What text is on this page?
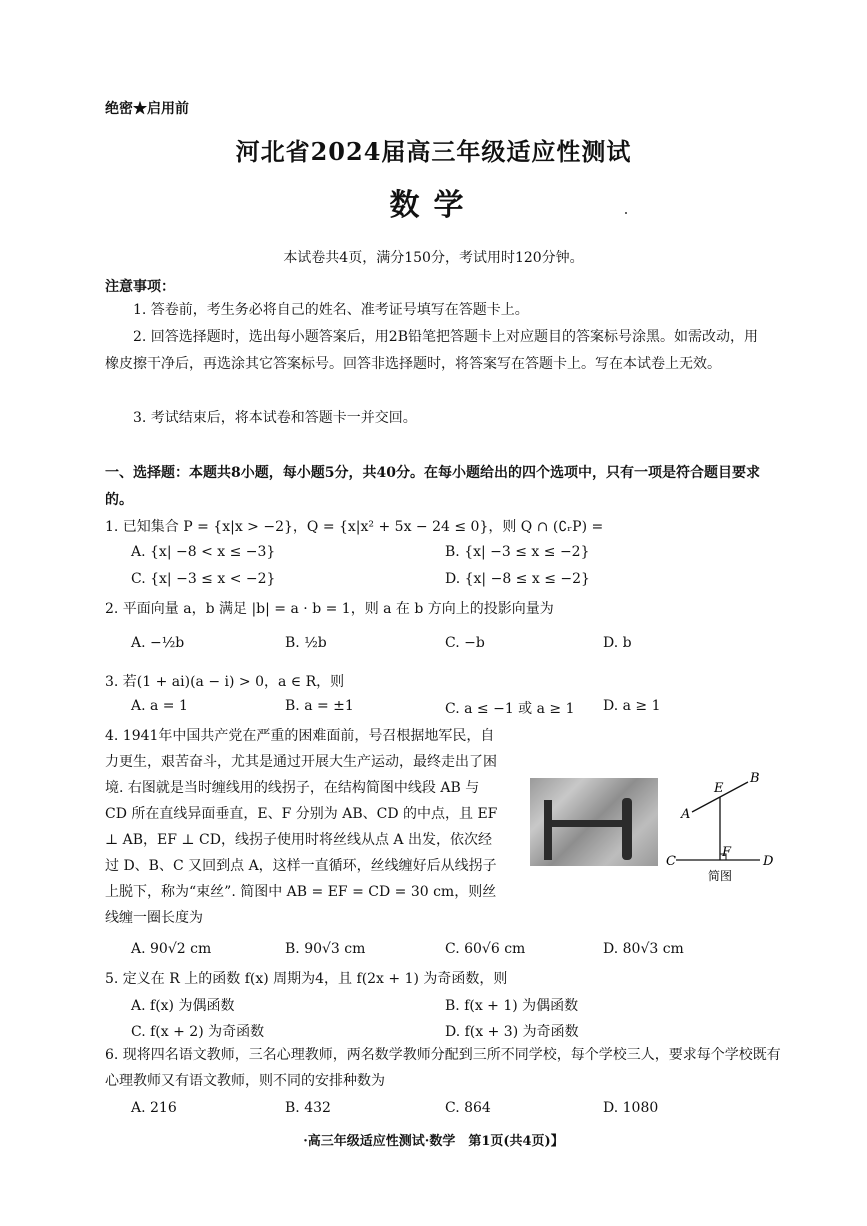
绝密★启用前
河北省2024届高三年级适应性测试
数学
本试卷共4页，满分150分，考试用时120分钟。
注意事项：
1. 答卷前，考生务必将自己的姓名、准考证号填写在答题卡上。
2. 回答选择题时，选出每小题答案后，用2B铅笔把答题卡上对应题目的答案标号涂黑。如需改动，用橡皮擦干净后，再选涂其它答案标号。回答非选择题时，将答案写在答题卡上。写在本试卷上无效。
3. 考试结束后，将本试卷和答题卡一并交回。
一、选择题：本题共8小题，每小题5分，共40分。在每小题给出的四个选项中，只有一项是符合题目要求的。
1. 已知集合 P = {x|x > −2}，Q = {x|x² + 5x − 24 ≤ 0}，则 Q ∩ (∁ᵣP) =
A. {x| −8 < x ≤ −3}	B. {x| −3 ≤ x ≤ −2}
C. {x| −3 ≤ x < −2}	D. {x| −8 ≤ x ≤ −2}
2. 平面向量 a，b 满足 |b| = a · b = 1，则 a 在 b 方向上的投影向量为
A. −½b	B. ½b	C. −b	D. b
3. 若(1 + ai)(a − i) > 0，a ∈ R，则
A. a = 1	B. a = ±1	C. a ≤ −1 或 a ≥ 1 D. a ≥ 1
4. 1941年中国共产党在严重的困难面前，号召根据地军民，自力更生，艰苦奋斗，尤其是通过开展大生产运动，最终走出了困境. 右图就是当时缠线用的线拐子，在结构简图中线段 AB 与 CD 所在直线异面垂直，E、F 分别为 AB、CD 的中点，且 EF ⊥ AB，EF ⊥ CD，线拐子使用时将丝线从点 A 出发，依次经过 D、B、C 又回到点 A，这样一直循环，丝线缠好后从线拐子上脱下，称为“束丝”. 简图中 AB = EF = CD = 30 cm，则丝线缠一圈长度为
B
A
E
F
C	D
简图
A. 90√2 cm	B. 90√3 cm	C. 60√6 cm	D. 80√3 cm
5. 定义在 R 上的函数 f(x) 周期为4，且 f(2x + 1) 为奇函数，则
A. f(x) 为偶函数	B. f(x + 1) 为偶函数
C. f(x + 2) 为奇函数	D. f(x + 3) 为奇函数
6. 现将四名语文教师，三名心理教师，两名数学教师分配到三所不同学校，每个学校三人，要求每个学校既有心理教师又有语文教师，则不同的安排种数为
A. 216	B. 432	C. 864	D. 1080
·高三年级适应性测试·数学　第1页(共4页)】
